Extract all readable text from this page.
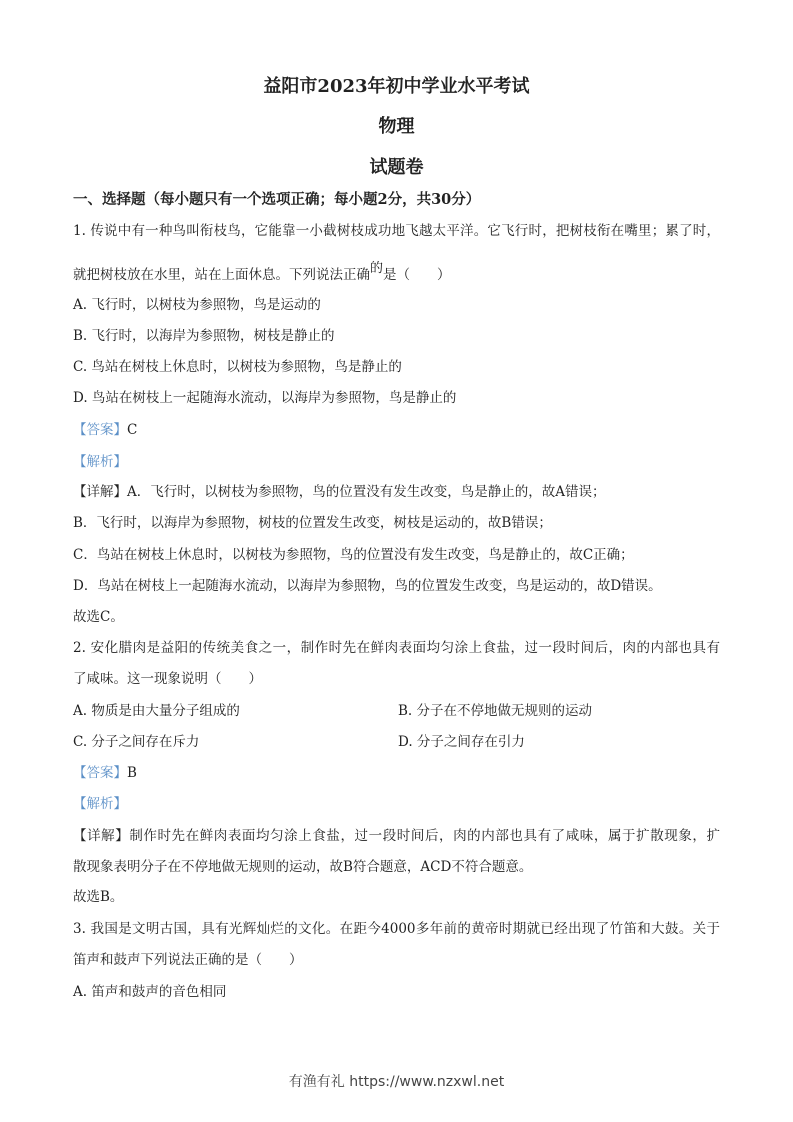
益阳市2023年初中学业水平考试
物理
试题卷
一、选择题（每小题只有一个选项正确；每小题2分，共30分）
1. 传说中有一种鸟叫衔枝鸟，它能靠一小截树枝成功地飞越太平洋。它飞行时，把树枝衔在嘴里；累了时，
就把树枝放在水里，站在上面休息。下列说法正确的是（　　）
A. 飞行时，以树枝为参照物，鸟是运动的
B. 飞行时，以海岸为参照物，树枝是静止的
C. 鸟站在树枝上休息时，以树枝为参照物，鸟是静止的
D. 鸟站在树枝上一起随海水流动，以海岸为参照物，鸟是静止的
【答案】C
【解析】
【详解】A．飞行时，以树枝为参照物，鸟的位置没有发生改变，鸟是静止的，故A错误；
B．飞行时，以海岸为参照物，树枝的位置发生改变，树枝是运动的，故B错误；
C．鸟站在树枝上休息时，以树枝为参照物，鸟的位置没有发生改变，鸟是静止的，故C正确；
D．鸟站在树枝上一起随海水流动，以海岸为参照物，鸟的位置发生改变，鸟是运动的，故D错误。
故选C。
2. 安化腊肉是益阳的传统美食之一，制作时先在鲜肉表面均匀涂上食盐，过一段时间后，肉的内部也具有
了咸味。这一现象说明（　　）
A. 物质是由大量分子组成的	B. 分子在不停地做无规则的运动
C. 分子之间存在斥力	D. 分子之间存在引力
【答案】B
【解析】
【详解】制作时先在鲜肉表面均匀涂上食盐，过一段时间后，肉的内部也具有了咸味，属于扩散现象，扩
散现象表明分子在不停地做无规则的运动，故B符合题意，ACD不符合题意。
故选B。
3. 我国是文明古国，具有光辉灿烂的文化。在距今4000多年前的黄帝时期就已经出现了竹笛和大鼓。关于
笛声和鼓声下列说法正确的是（　　）
A. 笛声和鼓声的音色相同
有渔有礼 https://www.nzxwl.net
